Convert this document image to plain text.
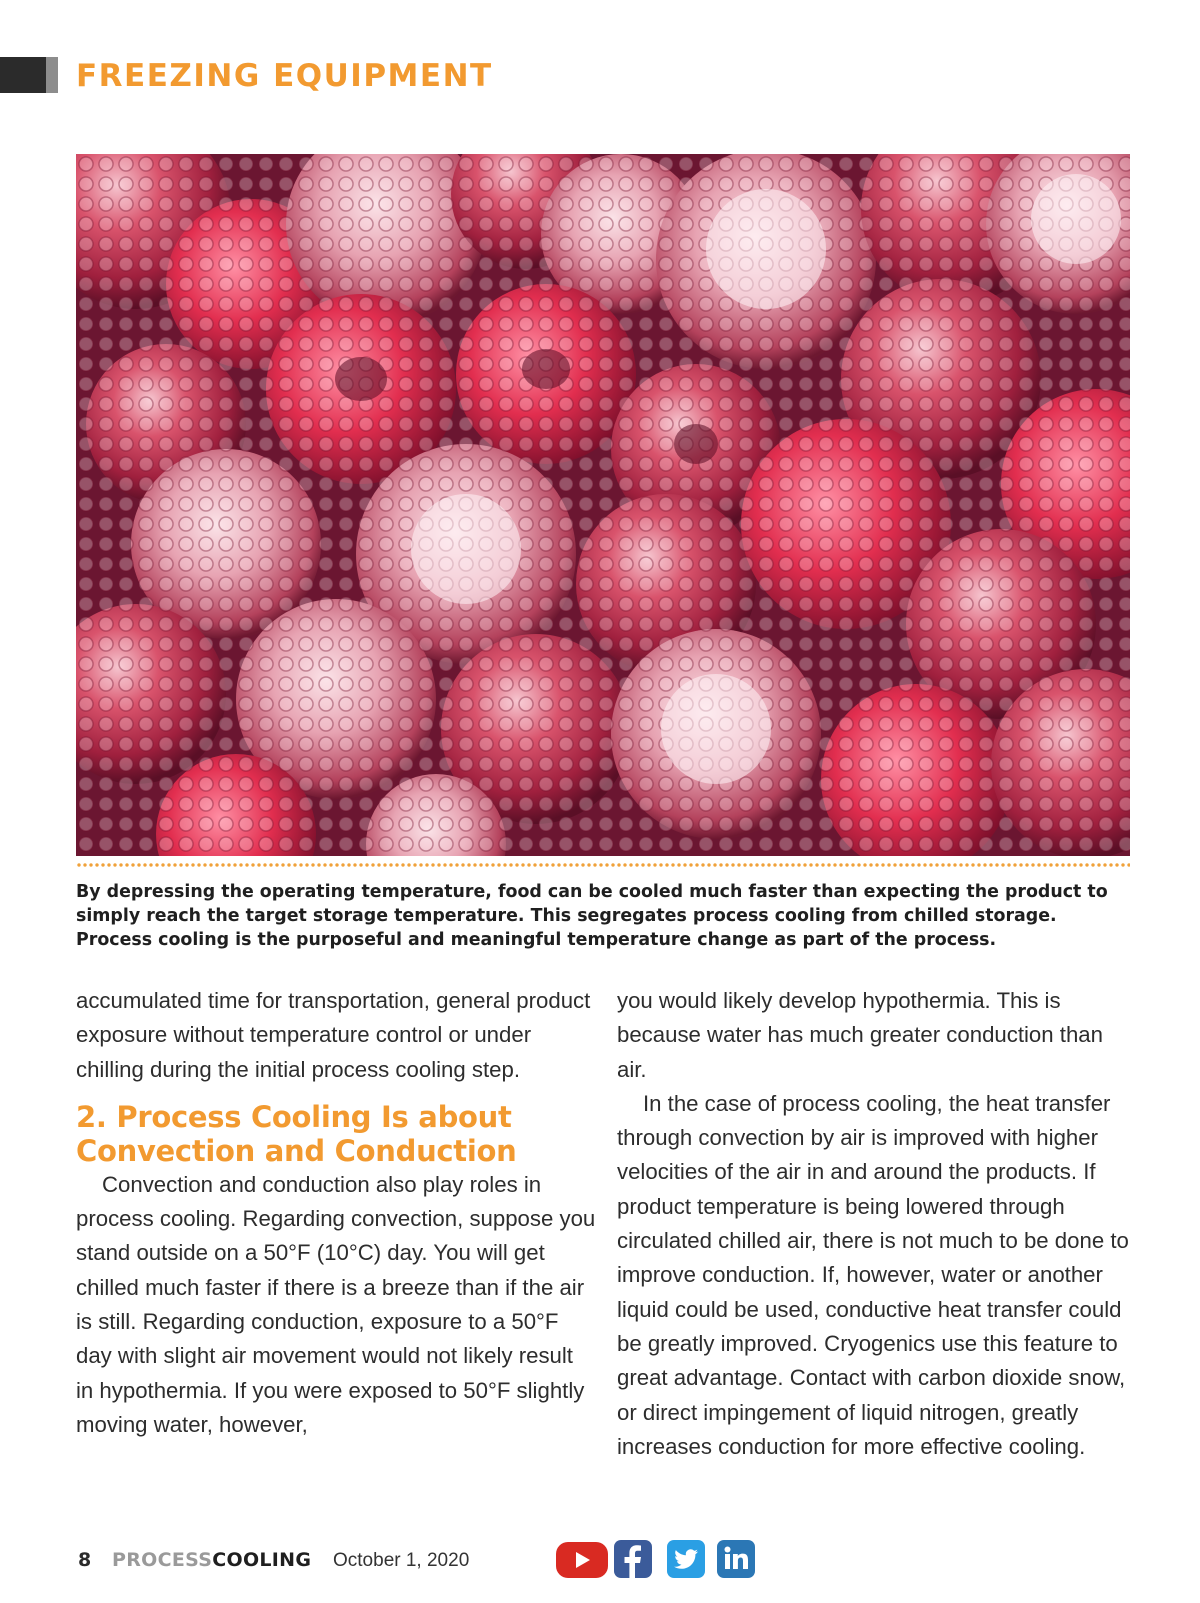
FREEZING EQUIPMENT

By depressing the operating temperature, food can be cooled much faster than expecting the product to simply reach the target storage temperature. This segregates process cooling from chilled storage. Process cooling is the purposeful and meaningful temperature change as part of the process.

accumulated time for transportation, general product exposure without temperature control or under chilling during the initial process cooling step.

2. Process Cooling Is about Convection and Conduction

Convection and conduction also play roles in process cooling. Regarding convection, suppose you stand outside on a 50°F (10°C) day. You will get chilled much faster if there is a breeze than if the air is still. Regarding conduction, exposure to a 50°F day with slight air movement would not likely result in hypothermia. If you were exposed to 50°F slightly moving water, however,

you would likely develop hypothermia. This is because water has much greater conduction than air.

In the case of process cooling, the heat transfer through convection by air is improved with higher velocities of the air in and around the products. If product temperature is being lowered through circulated chilled air, there is not much to be done to improve conduction. If, however, water or another liquid could be used, conductive heat transfer could be greatly improved. Cryogenics use this feature to great advantage. Contact with carbon dioxide snow, or direct impingement of liquid nitrogen, greatly increases conduction for more effective cooling.

8 PROCESSCOOLING October 1, 2020
